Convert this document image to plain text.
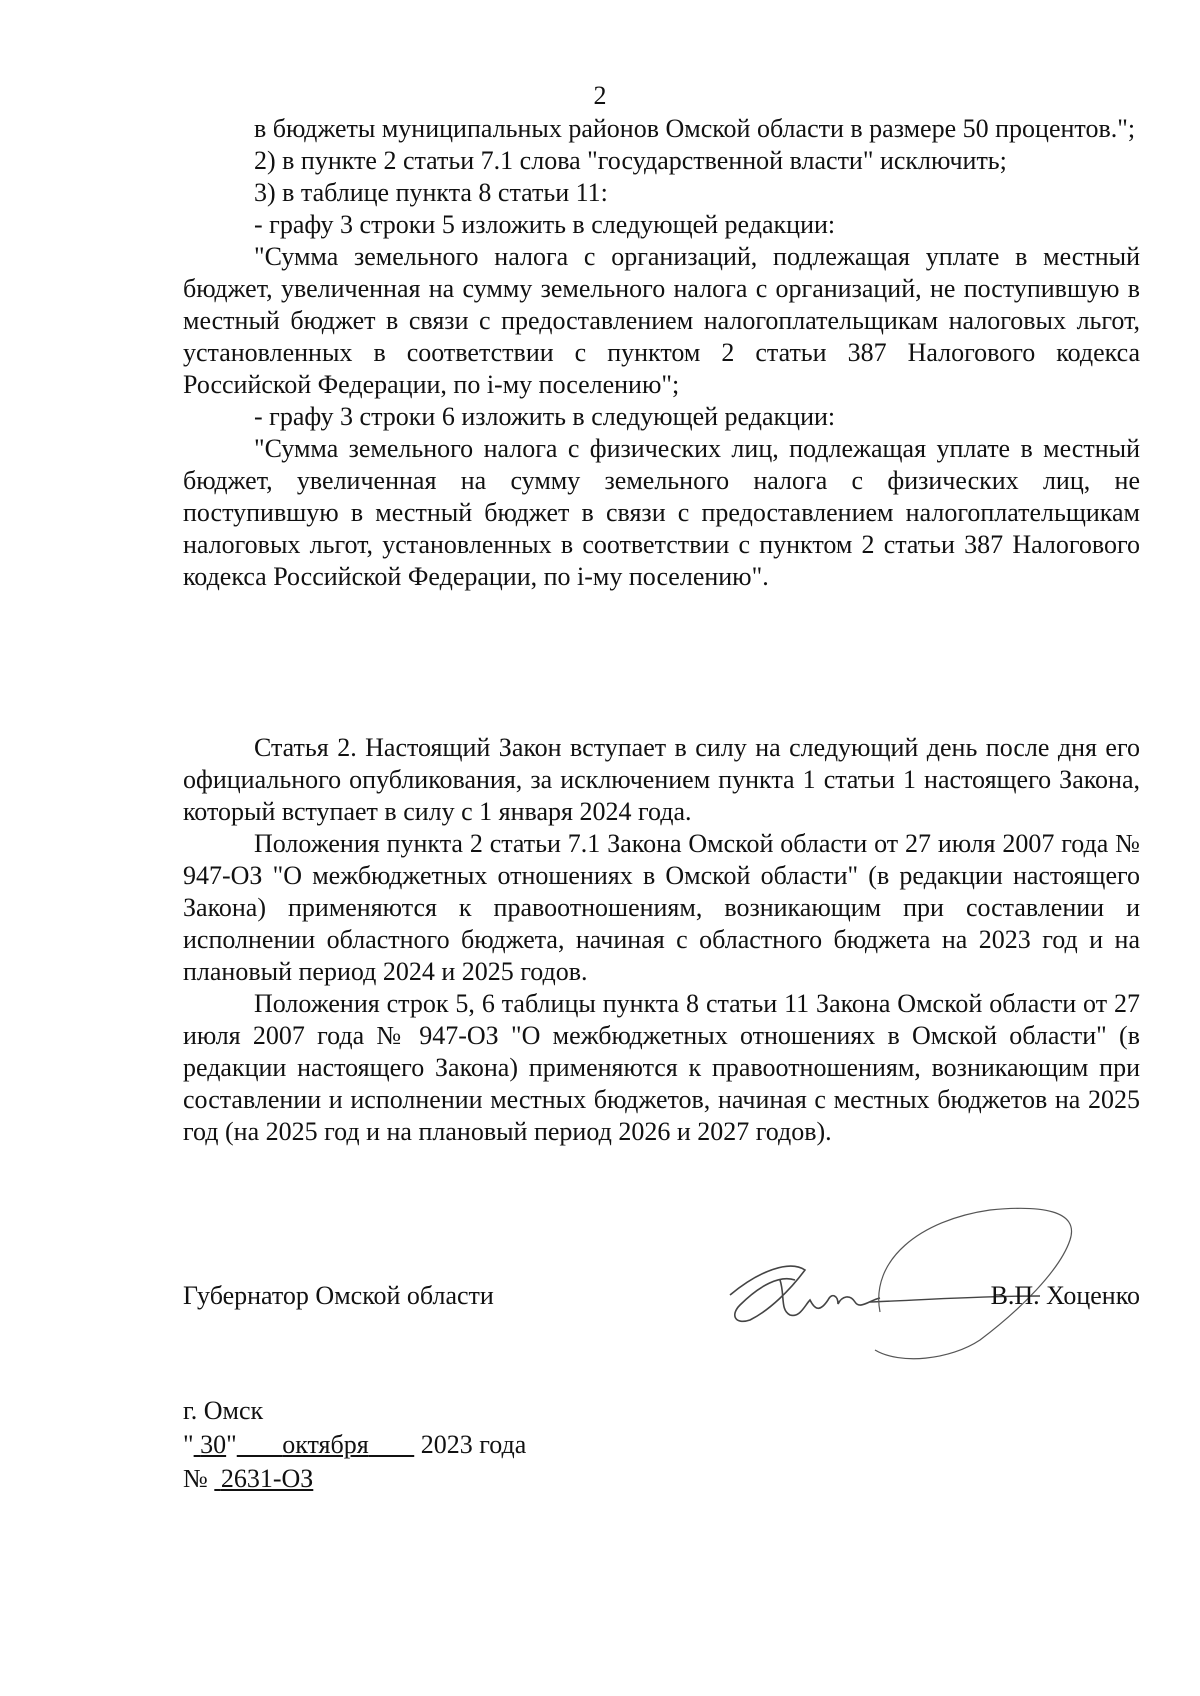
2

в бюджеты муниципальных районов Омской области в размере 50 процентов.";

2) в пункте 2 статьи 7.1 слова "государственной власти" исключить;

3) в таблице пункта 8 статьи 11:

- графу 3 строки 5 изложить в следующей редакции:

"Сумма земельного налога с организаций, подлежащая уплате в местный бюджет, увеличенная на сумму земельного налога с организаций, не поступившую в местный бюджет в связи с предоставлением налогоплательщикам налоговых льгот, установленных в соответствии с пунктом 2 статьи 387 Налогового кодекса Российской Федерации, по i-му поселению";

- графу 3 строки 6 изложить в следующей редакции:

"Сумма земельного налога с физических лиц, подлежащая уплате в местный бюджет, увеличенная на сумму земельного налога с физических лиц, не поступившую в местный бюджет в связи с предоставлением налогоплательщикам налоговых льгот, установленных в соответствии с пунктом 2 статьи 387 Налогового кодекса Российской Федерации, по i-му поселению".

Статья 2. Настоящий Закон вступает в силу на следующий день после дня его официального опубликования, за исключением пункта 1 статьи 1 настоящего Закона, который вступает в силу с 1 января 2024 года.

Положения пункта 2 статьи 7.1 Закона Омской области от 27 июля 2007 года № 947-ОЗ "О межбюджетных отношениях в Омской области" (в редакции настоящего Закона) применяются к правоотношениям, возникающим при составлении и исполнении областного бюджета, начиная с областного бюджета на 2023 год и на плановый период 2024 и 2025 годов.

Положения строк 5, 6 таблицы пункта 8 статьи 11 Закона Омской области от 27 июля 2007 года № 947-ОЗ "О межбюджетных отношениях в Омской области" (в редакции настоящего Закона) применяются к правоотношениям, возникающим при составлении и исполнении местных бюджетов, начиная с местных бюджетов на 2025 год (на 2025 год и на плановый период 2026 и 2027 годов).

Губернатор Омской области	В.П. Хоценко
г. Омск
" 30" октября 2023 года
№ 2631-ОЗ
